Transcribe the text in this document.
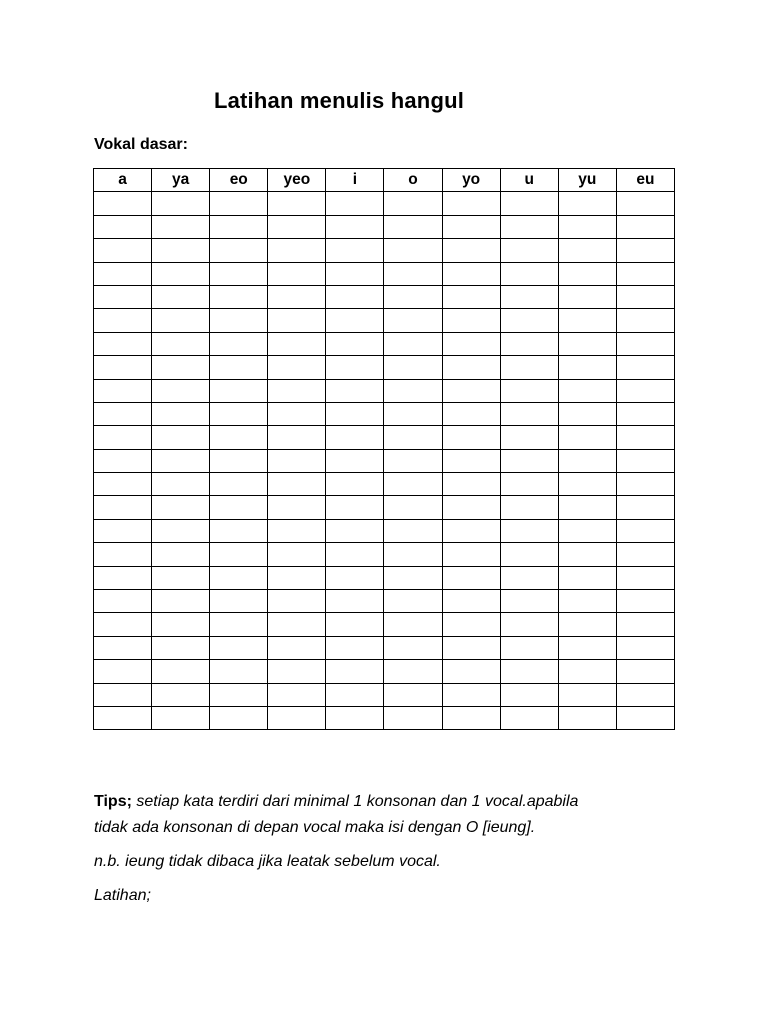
Latihan menulis hangul
Vokal dasar:
a	ya	eo	yeo	i	o	yo	u	yu	eu

Tips; setiap kata terdiri dari minimal 1 konsonan dan 1 vocal.apabila
tidak ada konsonan di depan vocal maka isi dengan O [ieung].

n.b. ieung tidak dibaca jika leatak sebelum vocal.

Latihan;
